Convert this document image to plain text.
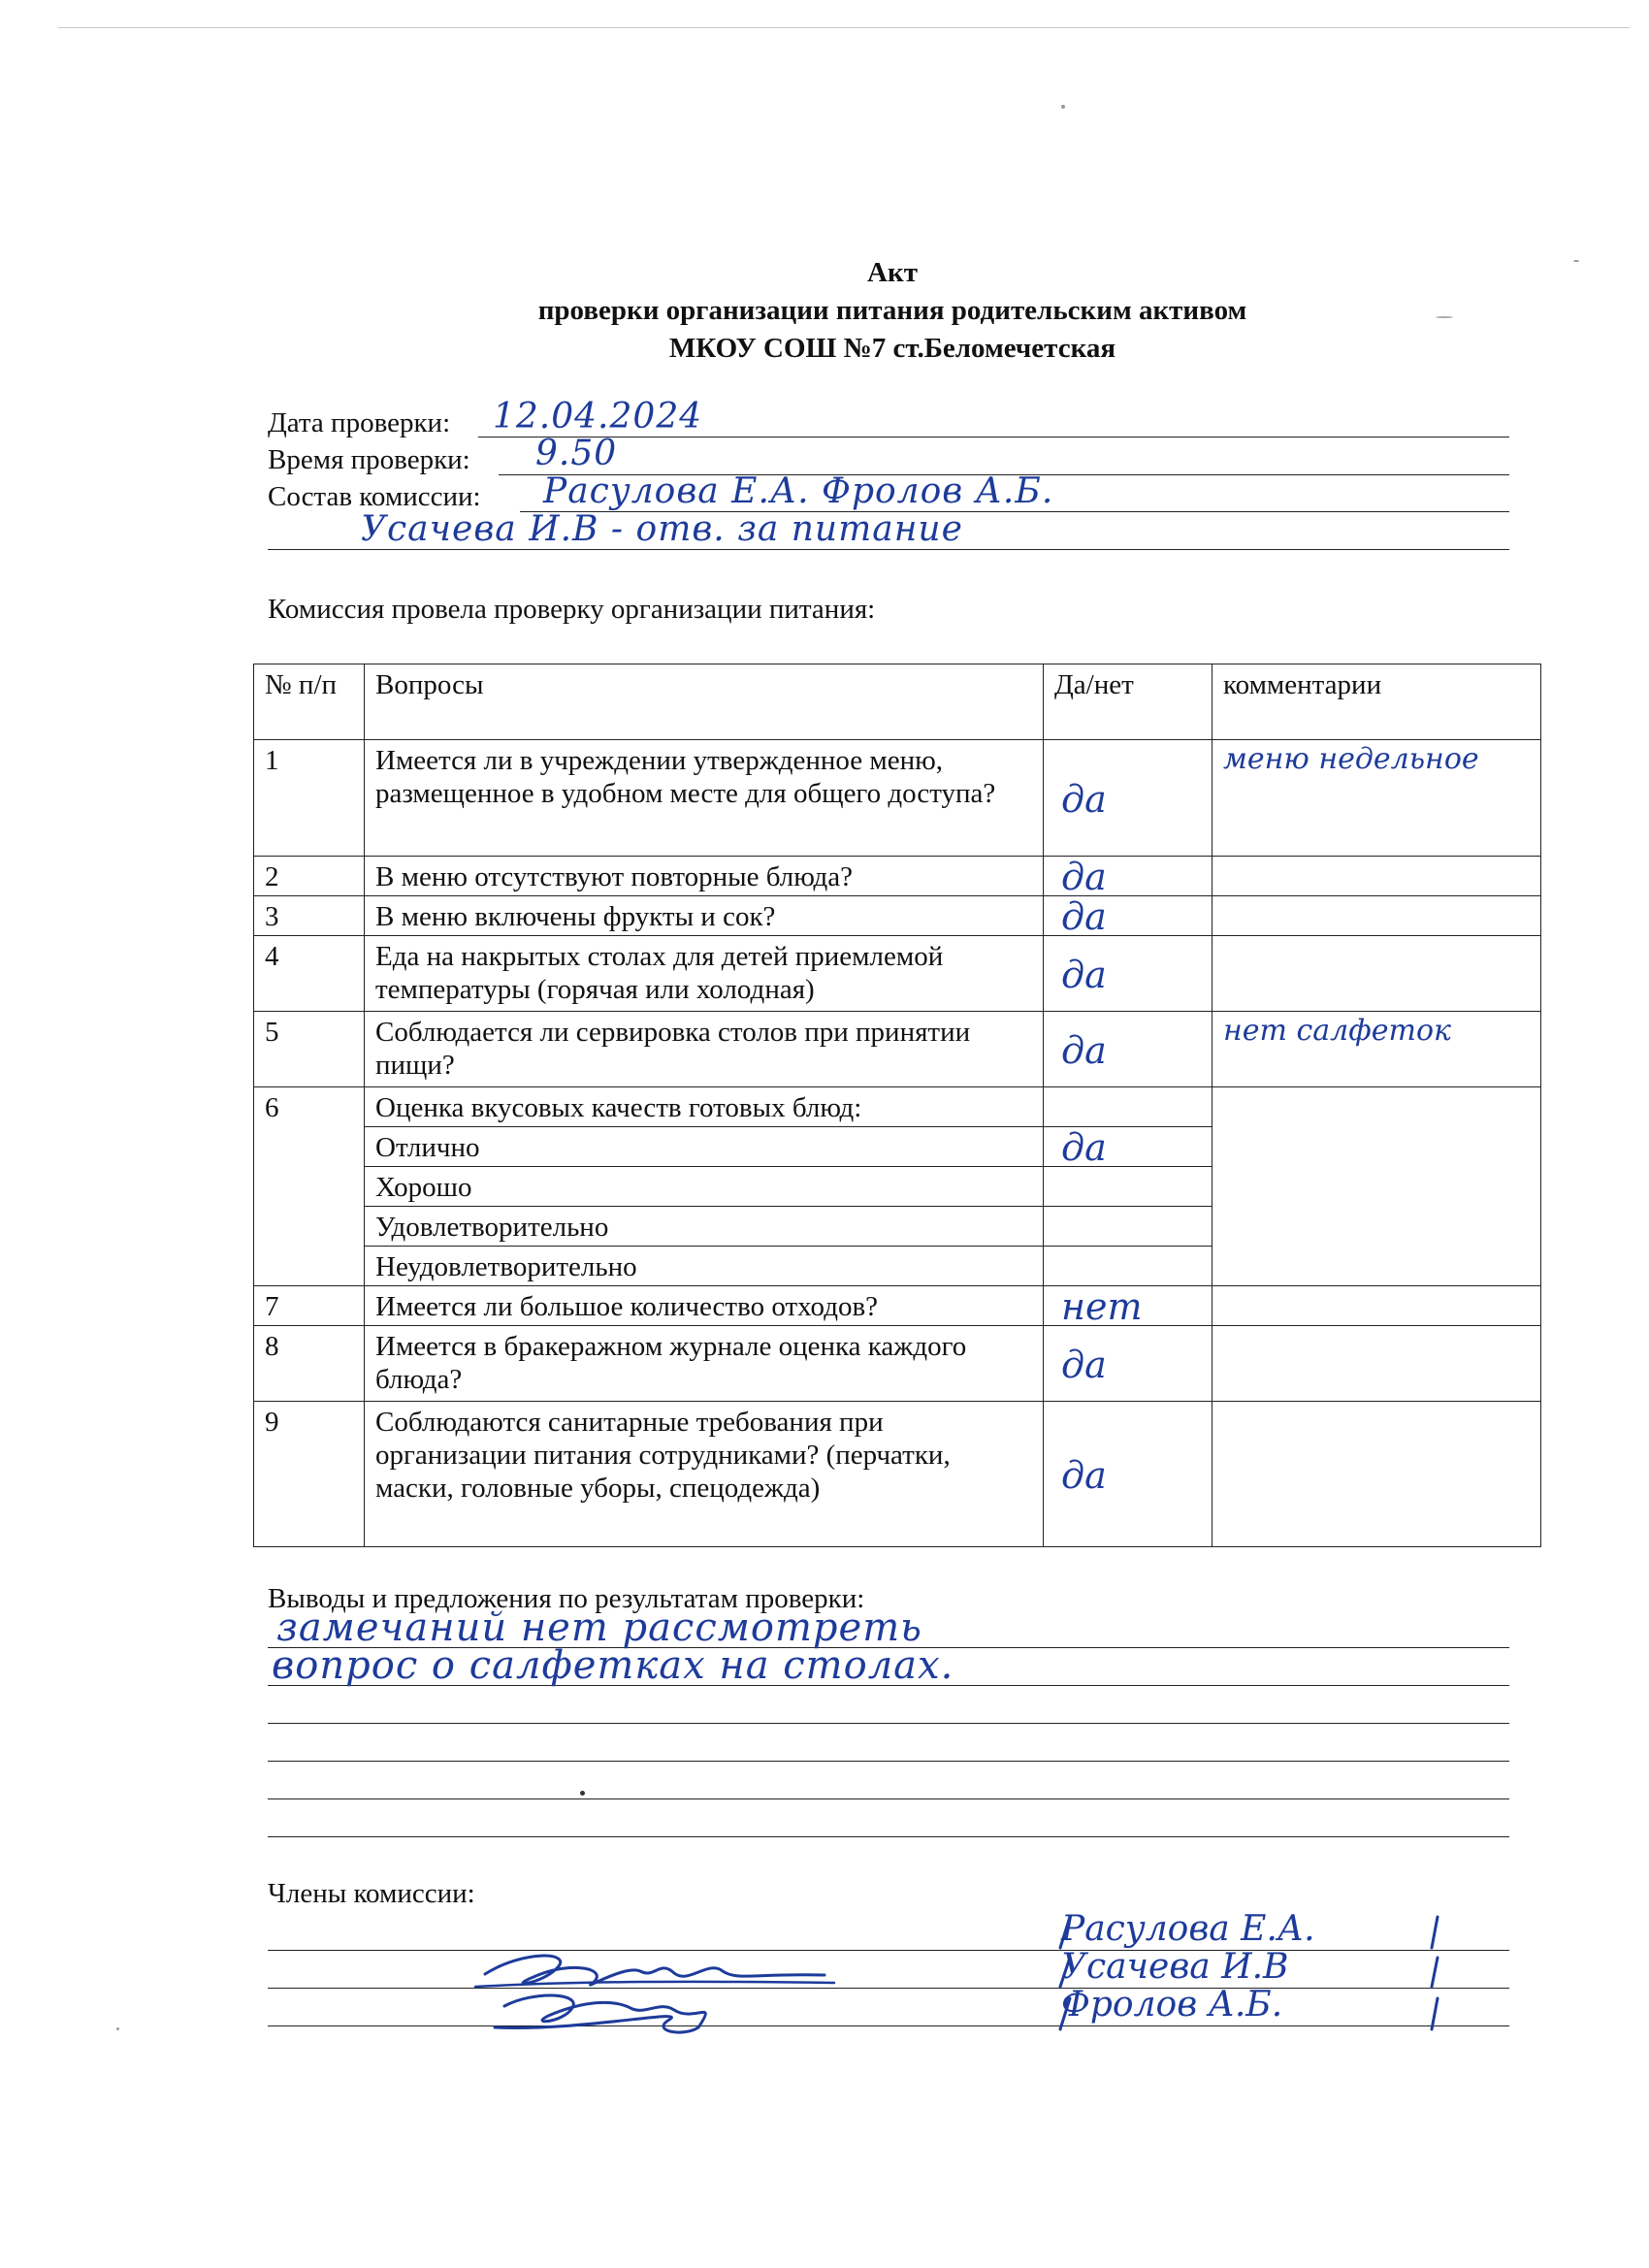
Акт
проверки организации питания родительским активом
МКОУ СОШ №7 ст.Беломечетская
Дата проверки: 12.04.2024
Время проверки: 9.50
Состав комиссии: Расулова Е.А. Фролов А.Б.
Усачева И.В - отв. за питание
Комиссия провела проверку организации питания:
№ п/п	Вопросы	Да/нет	комментарии
1	Имеется ли в учреждении утвержденное меню, размещенное в удобном месте для общего доступа?	да	меню недельное
2	В меню отсутствуют повторные блюда?	да	
3	В меню включены фрукты и сок?	да	
4	Еда на накрытых столах для детей приемлемой температуры (горячая или холодная)	да	
5	Соблюдается ли сервировка столов при принятии пищи?	да	нет салфеток
6	Оценка вкусовых качеств готовых блюд:		
	Отлично	да	
	Хорошо		
	Удовлетворительно		
	Неудовлетворительно		
7	Имеется ли большое количество отходов?	нет	
8	Имеется в бракеражном журнале оценка каждого блюда?	да	
9	Соблюдаются санитарные требования при организации питания сотрудниками? (перчатки, маски, головные уборы, спецодежда)	да	
Выводы и предложения по результатам проверки:
замечаний нет рассмотреть
вопрос о салфетках на столах.
Члены комиссии:
Расулова Е.А.
Усачева И.В
Фролов А.Б.
